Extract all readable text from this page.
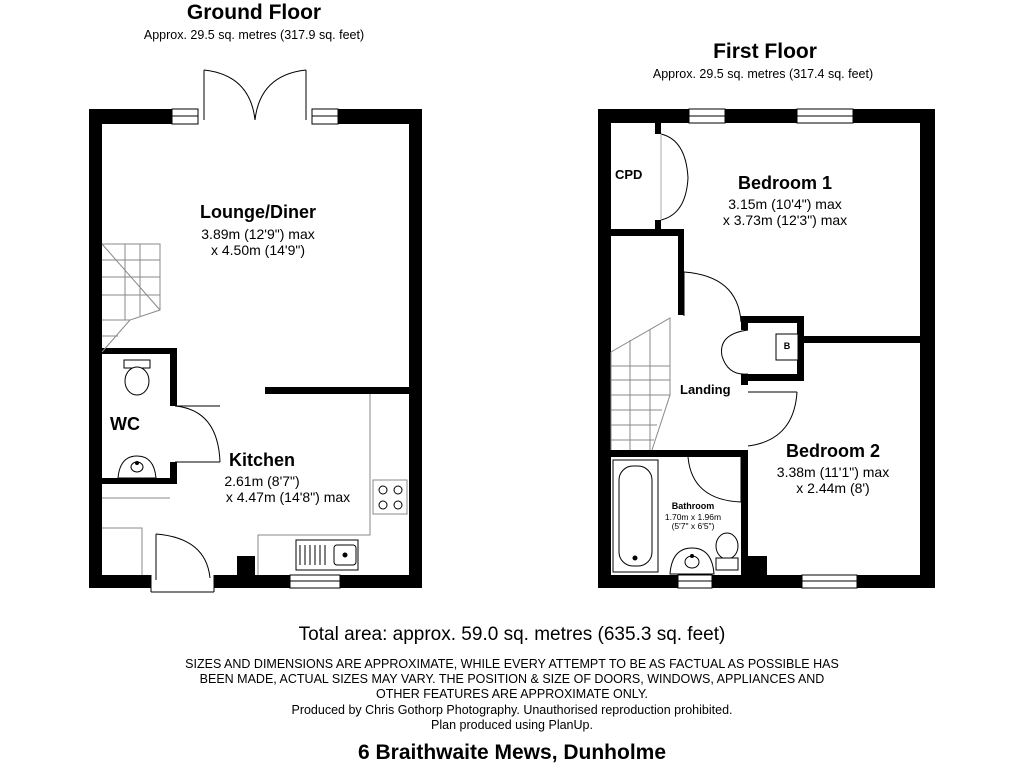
Ground Floor
Approx. 29.5 sq. metres (317.9 sq. feet)
First Floor
Approx. 29.5 sq. metres (317.4 sq. feet)
Lounge/Diner
3.89m (12'9") max
x 4.50m (14'9")
WC
Kitchen
2.61m (8'7")
x 4.47m (14'8") max
CPD	Bedroom 1
3.15m (10'4") max
x 3.73m (12'3") max
B
Landing
Bedroom 2
3.38m (11'1") max
x 2.44m (8')
Bathroom
1.70m x 1.96m
(5'7" x 6'5")
Total area: approx. 59.0 sq. metres (635.3 sq. feet)
SIZES AND DIMENSIONS ARE APPROXIMATE, WHILE EVERY ATTEMPT TO BE AS FACTUAL AS POSSIBLE HAS
BEEN MADE, ACTUAL SIZES MAY VARY. THE POSITION & SIZE OF DOORS, WINDOWS, APPLIANCES AND
OTHER FEATURES ARE APPROXIMATE ONLY.
Produced by Chris Gothorp Photography. Unauthorised reproduction prohibited.
Plan produced using PlanUp.
6 Braithwaite Mews, Dunholme
